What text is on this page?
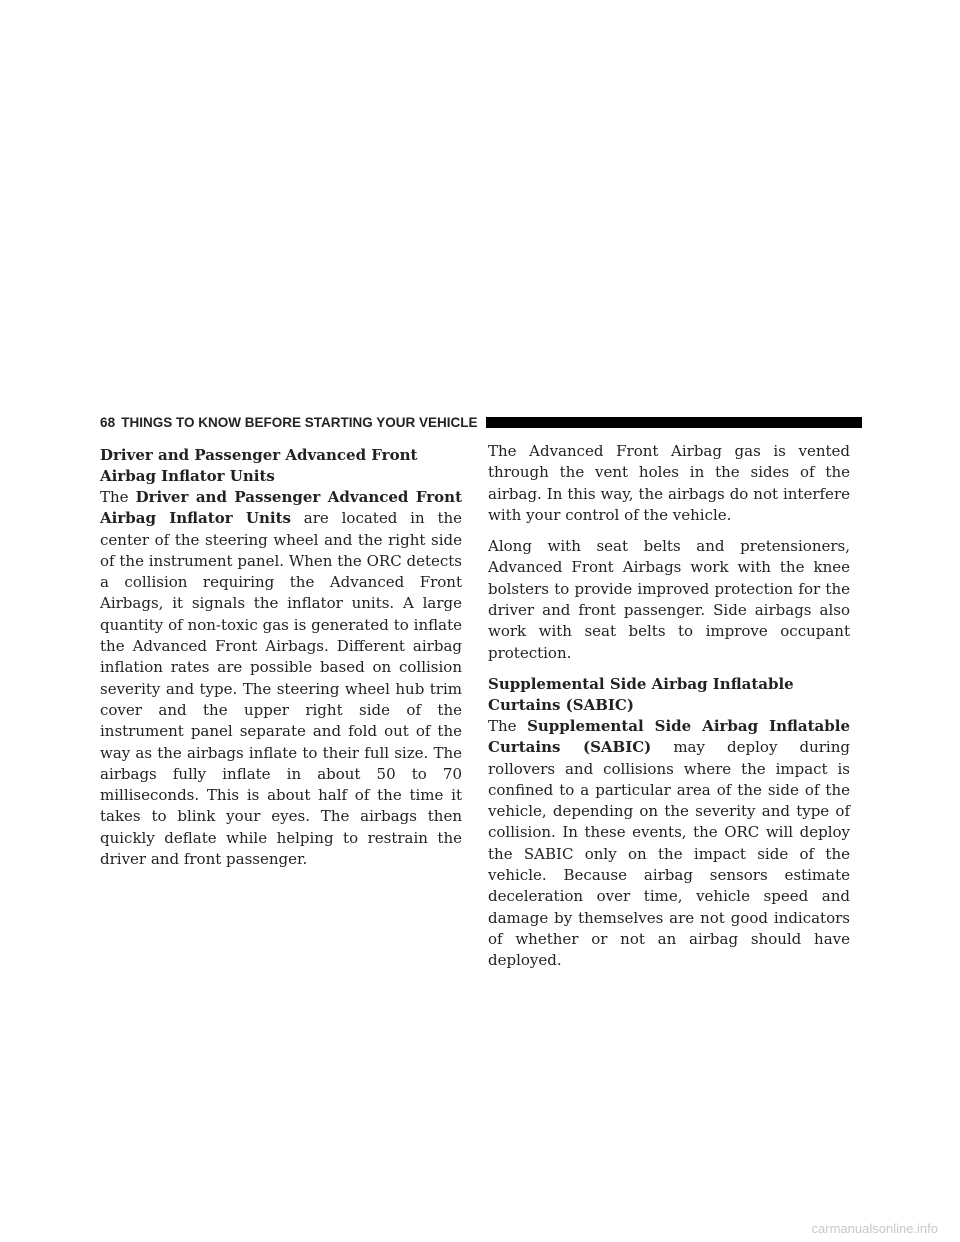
68 THINGS TO KNOW BEFORE STARTING YOUR VEHICLE
Driver and Passenger Advanced Front Airbag Inflator Units

The Driver and Passenger Advanced Front Airbag Inflator Units are located in the center of the steering wheel and the right side of the instrument panel. When the ORC detects a collision requiring the Advanced Front Airbags, it signals the inflator units. A large quantity of non-toxic gas is generated to inflate the Advanced Front Airbags. Different airbag inflation rates are possible based on collision severity and type. The steering wheel hub trim cover and the upper right side of the instrument panel separate and fold out of the way as the airbags inflate to their full size. The airbags fully inflate in about 50 to 70 milliseconds. This is about half of the time it takes to blink your eyes. The airbags then quickly deflate while helping to restrain the driver and front passenger.

The Advanced Front Airbag gas is vented through the vent holes in the sides of the airbag. In this way, the airbags do not interfere with your control of the vehicle.

Along with seat belts and pretensioners, Advanced Front Airbags work with the knee bolsters to provide improved protection for the driver and front passenger. Side airbags also work with seat belts to improve occupant protection.

Supplemental Side Airbag Inflatable Curtains (SABIC)

The Supplemental Side Airbag Inflatable Curtains (SABIC) may deploy during rollovers and collisions where the impact is confined to a particular area of the side of the vehicle, depending on the severity and type of collision. In these events, the ORC will deploy the SABIC only on the impact side of the vehicle. Because airbag sensors estimate deceleration over time, vehicle speed and damage by themselves are not good indicators of whether or not an airbag should have deployed.

carmanualsonline.info
